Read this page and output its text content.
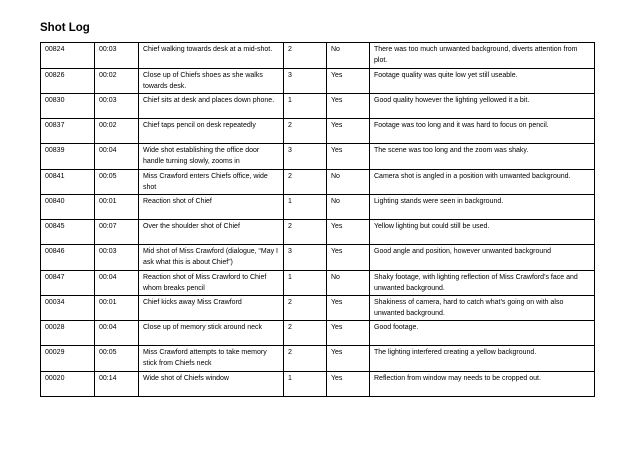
Shot Log
00824	00:03	Chief walking towards desk at a mid-shot.	2	No	There was too much unwanted background, diverts attention from plot.
00826	00:02	Close up of Chiefs shoes as she walks towards desk.	3	Yes	Footage quality was quite low yet still useable.
00830	00:03	Chief sits at desk and places down phone.	1	Yes	Good quality however the lighting yellowed it a bit.
00837	00:02	Chief taps pencil on desk repeatedly	2	Yes	Footage was too long and it was hard to focus on pencil.
00839	00:04	Wide shot establishing the office door handle turning slowly, zooms in	3	Yes	The scene was too long and the zoom was shaky.
00841	00:05	Miss Crawford enters Chiefs office, wide shot	2	No	Camera shot is angled in a position with unwanted background.
00840	00:01	Reaction shot of Chief	1	No	Lighting stands were seen in background.
00845	00:07	Over the shoulder shot of Chief	2	Yes	Yellow lighting but could still be used.
00846	00:03	Mid shot of Miss Crawford (dialogue, “May I ask what this is about Chief”)	3	Yes	Good angle and position, however unwanted background
00847	00:04	Reaction shot of Miss Crawford to Chief whom breaks pencil	1	No	Shaky footage, with lighting reflection of Miss Crawford’s face and unwanted background.
00034	00:01	Chief kicks away Miss Crawford	2	Yes	Shakiness of camera, hard to catch what’s going on with also unwanted background.
00028	00:04	Close up of memory stick around neck	2	Yes	Good footage.
00029	00:05	Miss Crawford attempts to take memory stick from Chiefs neck	2	Yes	The lighting interfered creating a yellow background.
00020	00:14	Wide shot of Chiefs window	1	Yes	Reflection from window may needs to be cropped out.
